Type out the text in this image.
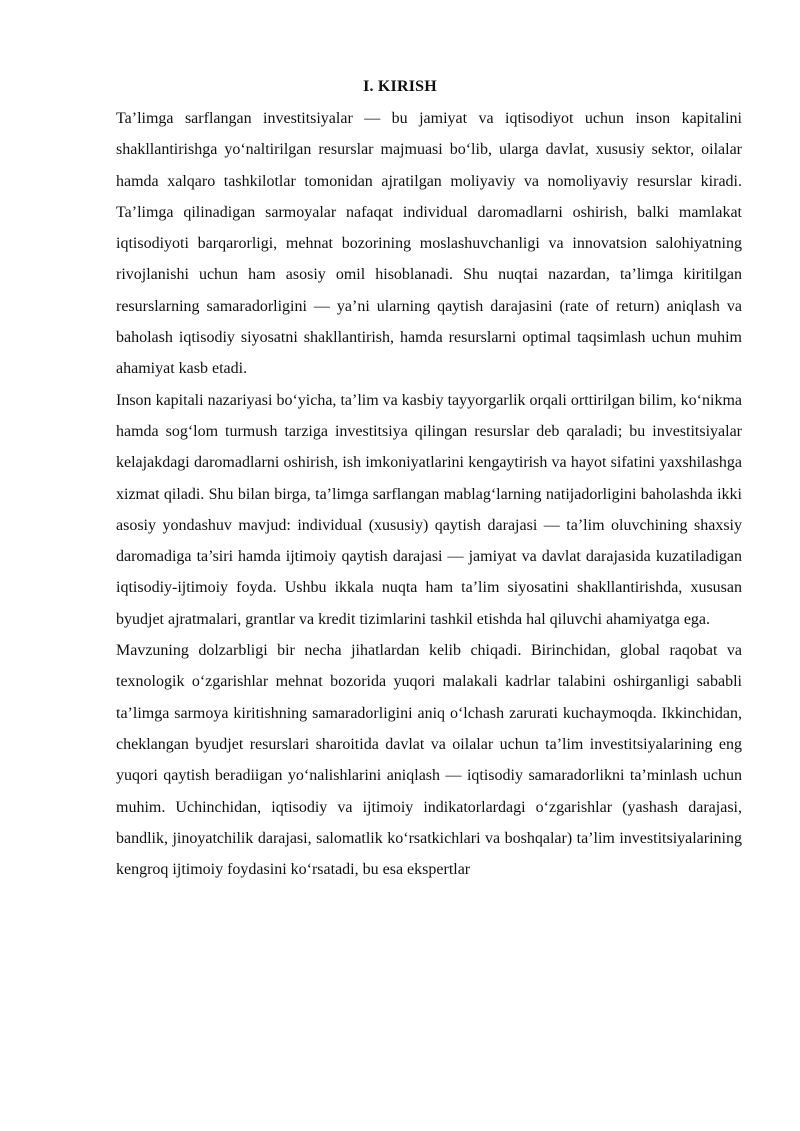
I. KIRISH

Ta’limga sarflangan investitsiyalar — bu jamiyat va iqtisodiyot uchun inson kapitalini shakllantirishga yo‘naltirilgan resurslar majmuasi bo‘lib, ularga davlat, xususiy sektor, oilalar hamda xalqaro tashkilotlar tomonidan ajratilgan moliyaviy va nomoliyaviy resurslar kiradi. Ta’limga qilinadigan sarmoyalar nafaqat individual daromadlarni oshirish, balki mamlakat iqtisodiyoti barqarorligi, mehnat bozorining moslashuvchanligi va innovatsion salohiyatning rivojlanishi uchun ham asosiy omil hisoblanadi. Shu nuqtai nazardan, ta’limga kiritilgan resurslarning samaradorligini — ya’ni ularning qaytish darajasini (rate of return) aniqlash va baholash iqtisodiy siyosatni shakllantirish, hamda resurslarni optimal taqsimlash uchun muhim ahamiyat kasb etadi.

Inson kapitali nazariyasi bo‘yicha, ta’lim va kasbiy tayyorgarlik orqali orttirilgan bilim, ko‘nikma hamda sog‘lom turmush tarziga investitsiya qilingan resurslar deb qaraladi; bu investitsiyalar kelajakdagi daromadlarni oshirish, ish imkoniyatlarini kengaytirish va hayot sifatini yaxshilashga xizmat qiladi. Shu bilan birga, ta’limga sarflangan mablag‘larning natijadorligini baholashda ikki asosiy yondashuv mavjud: individual (xususiy) qaytish darajasi — ta’lim oluvchining shaxsiy daromadiga ta’siri hamda ijtimoiy qaytish darajasi — jamiyat va davlat darajasida kuzatiladigan iqtisodiy-ijtimoiy foyda. Ushbu ikkala nuqta ham ta’lim siyosatini shakllantirishda, xususan byudjet ajratmalari, grantlar va kredit tizimlarini tashkil etishda hal qiluvchi ahamiyatga ega.

Mavzuning dolzarbligi bir necha jihatlardan kelib chiqadi. Birinchidan, global raqobat va texnologik o‘zgarishlar mehnat bozorida yuqori malakali kadrlar talabini oshirganligi sababli ta’limga sarmoya kiritishning samaradorligini aniq o‘lchash zarurati kuchaymoqda. Ikkinchidan, cheklangan byudjet resurslari sharoitida davlat va oilalar uchun ta’lim investitsiyalarining eng yuqori qaytish beradiigan yo‘nalishlarini aniqlash — iqtisodiy samaradorlikni ta’minlash uchun muhim. Uchinchidan, iqtisodiy va ijtimoiy indikatorlardagi o‘zgarishlar (yashash darajasi, bandlik, jinoyatchilik darajasi, salomatlik ko‘rsatkichlari va boshqalar) ta’lim investitsiyalarining kengroq ijtimoiy foydasini ko‘rsatadi, bu esa ekspertlar
